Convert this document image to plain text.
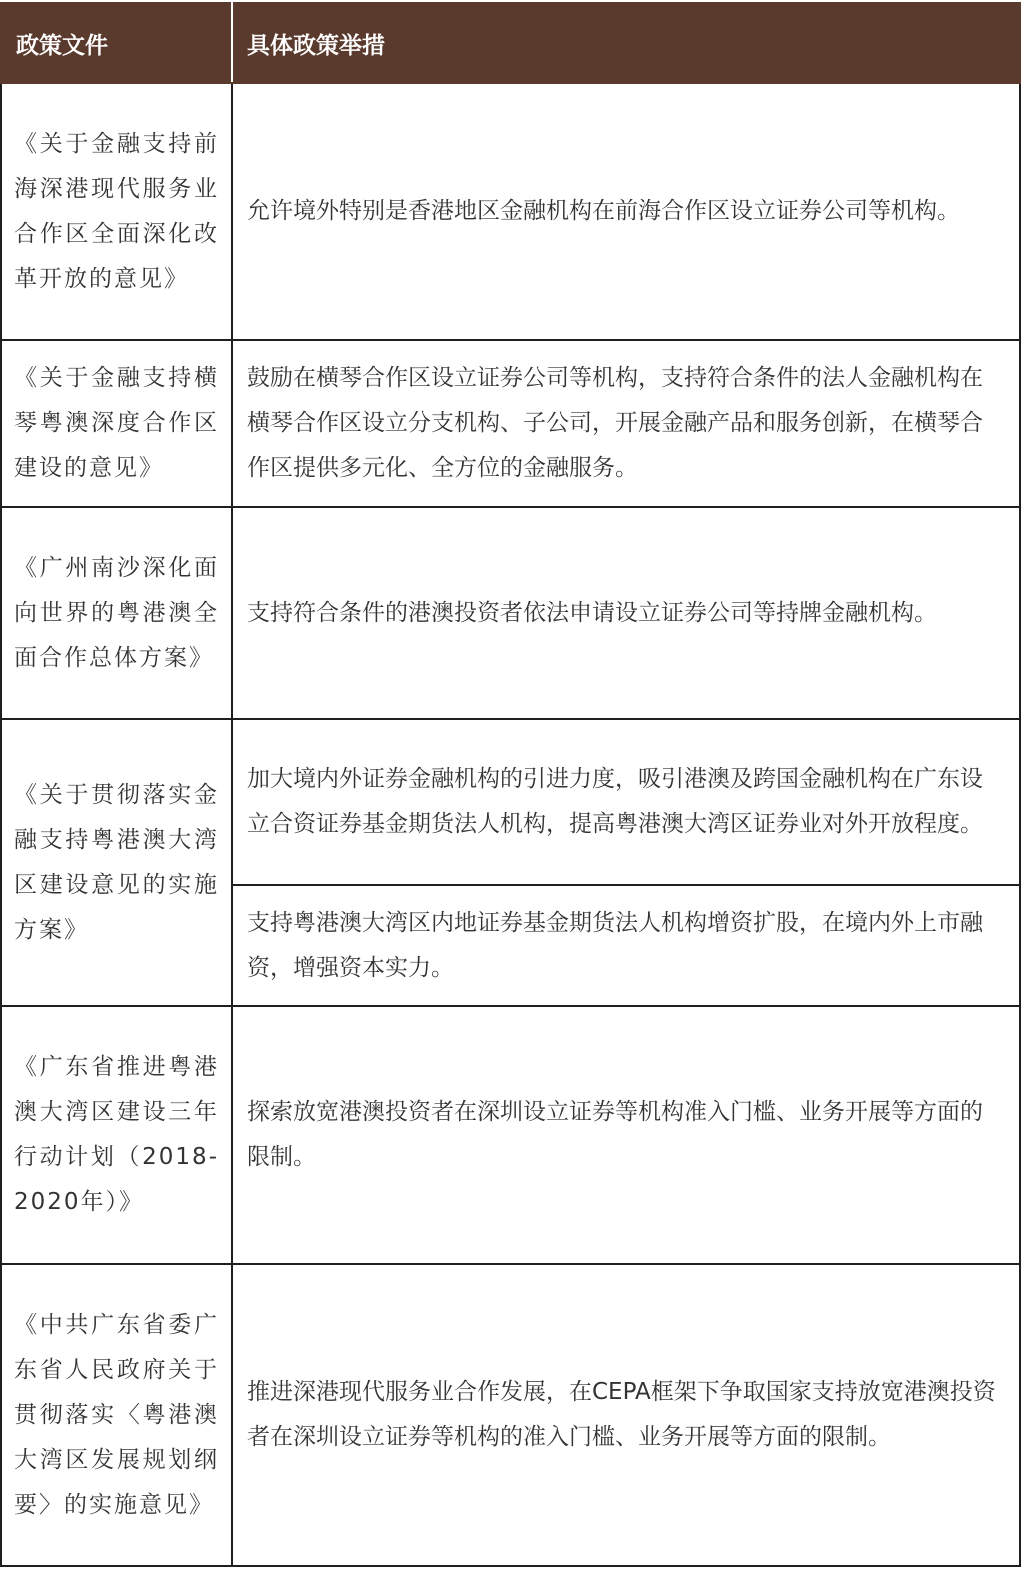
政策文件	具体政策举措
《关于金融支持前海深港现代服务业合作区全面深化改革开放的意见》	允许境外特别是香港地区金融机构在前海合作区设立证券公司等机构。
《关于金融支持横琴粤澳深度合作区建设的意见》	鼓励在横琴合作区设立证券公司等机构，支持符合条件的法人金融机构在横琴合作区设立分支机构、子公司，开展金融产品和服务创新，在横琴合作区提供多元化、全方位的金融服务。
《广州南沙深化面向世界的粤港澳全面合作总体方案》	支持符合条件的港澳投资者依法申请设立证券公司等持牌金融机构。
《关于贯彻落实金融支持粤港澳大湾区建设意见的实施方案》	加大境内外证券金融机构的引进力度，吸引港澳及跨国金融机构在广东设立合资证券基金期货法人机构，提高粤港澳大湾区证券业对外开放程度。
	支持粤港澳大湾区内地证券基金期货法人机构增资扩股，在境内外上市融资，增强资本实力。
《广东省推进粤港澳大湾区建设三年行动计划（2018-2020年）》	探索放宽港澳投资者在深圳设立证券等机构准入门槛、业务开展等方面的限制。
《中共广东省委广东省人民政府关于贯彻落实〈粤港澳大湾区发展规划纲要〉的实施意见》	推进深港现代服务业合作发展，在CEPA框架下争取国家支持放宽港澳投资者在深圳设立证券等机构的准入门槛、业务开展等方面的限制。
